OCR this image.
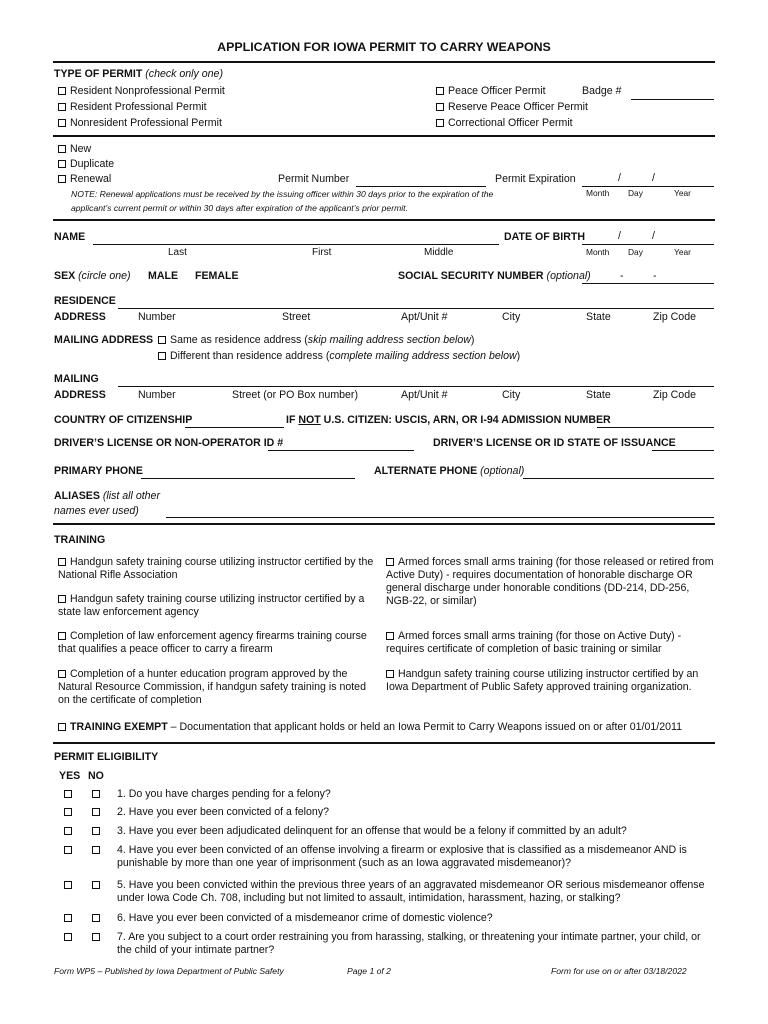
APPLICATION FOR IOWA PERMIT TO CARRY WEAPONS
TYPE OF PERMIT (check only one)
Resident Nonprofessional Permit
Resident Professional Permit
Nonresident Professional Permit
Peace Officer Permit	Badge #
Reserve Peace Officer Permit
Correctional Officer Permit
New
Duplicate
Renewal	Permit Number	Permit Expiration	/	/
Month Day	Year
NOTE: Renewal applications must be received by the issuing officer within 30 days prior to the expiration of the
applicant’s current permit or within 30 days after expiration of the applicant’s prior permit.
NAME
Last	First	Middle
DATE OF BIRTH	/	/
Month Day	Year
SEX (circle one) MALE FEMALE	SOCIAL SECURITY NUMBER (optional)	-	-
RESIDENCE
ADDRESS	Number	Street	Apt/Unit #	City	State	Zip Code
MAILING ADDRESS	Same as residence address (skip mailing address section below)
Different than residence address (complete mailing address section below)
MAILING
ADDRESS	Number	Street (or PO Box number)	Apt/Unit #	City	State	Zip Code
COUNTRY OF CITIZENSHIP	IF NOT U.S. CITIZEN: USCIS, ARN, OR I-94 ADMISSION NUMBER
DRIVER’S LICENSE OR NON-OPERATOR ID #	DRIVER’S LICENSE OR ID STATE OF ISSUANCE
PRIMARY PHONE	ALTERNATE PHONE (optional)
ALIASES (list all other
names ever used)
TRAINING
Handgun safety training course utilizing instructor certified by the National Rifle Association
Handgun safety training course utilizing instructor certified by a state law enforcement agency
Completion of law enforcement agency firearms training course that qualifies a peace officer to carry a firearm
Completion of a hunter education program approved by the Natural Resource Commission, if handgun safety training is noted on the certificate of completion
Armed forces small arms training (for those released or retired from Active Duty) - requires documentation of honorable discharge OR general discharge under honorable conditions (DD-214, DD-256, NGB-22, or similar)
Armed forces small arms training (for those on Active Duty) - requires certificate of completion of basic training or similar
Handgun safety training course utilizing instructor certified by an Iowa Department of Public Safety approved training organization.
TRAINING EXEMPT – Documentation that applicant holds or held an Iowa Permit to Carry Weapons issued on or after 01/01/2011
PERMIT ELIGIBILITY
YES NO
1. Do you have charges pending for a felony?
2. Have you ever been convicted of a felony?
3. Have you ever been adjudicated delinquent for an offense that would be a felony if committed by an adult?
4. Have you ever been convicted of an offense involving a firearm or explosive that is classified as a misdemeanor AND is punishable by more than one year of imprisonment (such as an Iowa aggravated misdemeanor)?
5. Have you been convicted within the previous three years of an aggravated misdemeanor OR serious misdemeanor offense under Iowa Code Ch. 708, including but not limited to assault, intimidation, harassment, hazing, or stalking?
6. Have you ever been convicted of a misdemeanor crime of domestic violence?
7. Are you subject to a court order restraining you from harassing, stalking, or threatening your intimate partner, your child, or the child of your intimate partner?
Form WP5 – Published by Iowa Department of Public Safety	Page 1 of 2	Form for use on or after 03/18/2022
